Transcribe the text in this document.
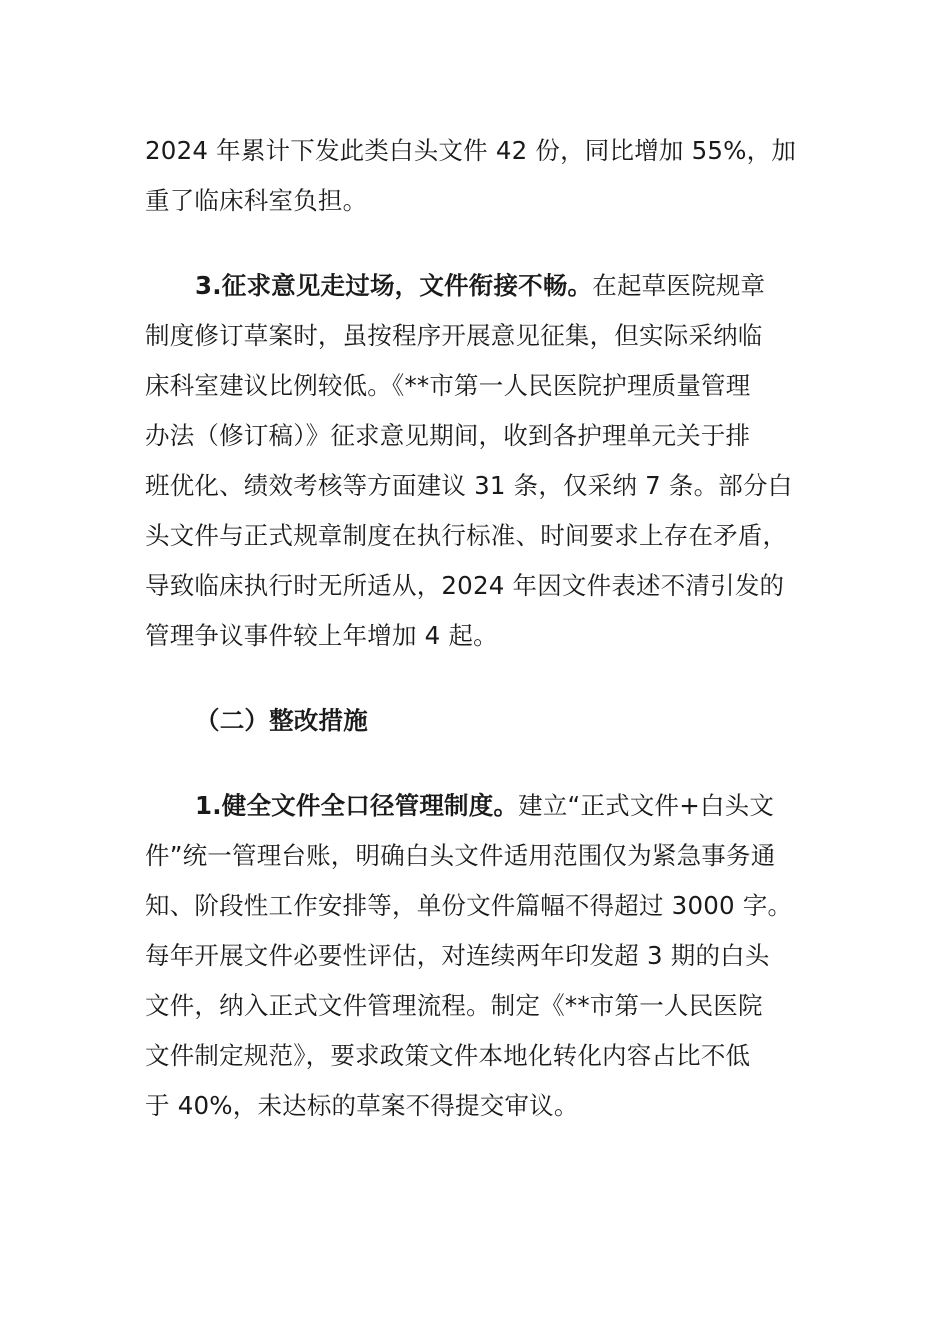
2024 年累计下发此类白头文件 42 份，同比增加 55%，加
重了临床科室负担。
3.征求意见走过场，文件衔接不畅。在起草医院规章
制度修订草案时，虽按程序开展意见征集，但实际采纳临
床科室建议比例较低。《**市第一人民医院护理质量管理
办法（修订稿）》征求意见期间，收到各护理单元关于排
班优化、绩效考核等方面建议 31 条，仅采纳 7 条。部分白
头文件与正式规章制度在执行标准、时间要求上存在矛盾，
导致临床执行时无所适从，2024 年因文件表述不清引发的
管理争议事件较上年增加 4 起。
（二）整改措施
1.健全文件全口径管理制度。建立“正式文件+白头文
件”统一管理台账，明确白头文件适用范围仅为紧急事务通
知、阶段性工作安排等，单份文件篇幅不得超过 3000 字。
每年开展文件必要性评估，对连续两年印发超 3 期的白头
文件，纳入正式文件管理流程。制定《**市第一人民医院
文件制定规范》，要求政策文件本地化转化内容占比不低
于 40%，未达标的草案不得提交审议。
